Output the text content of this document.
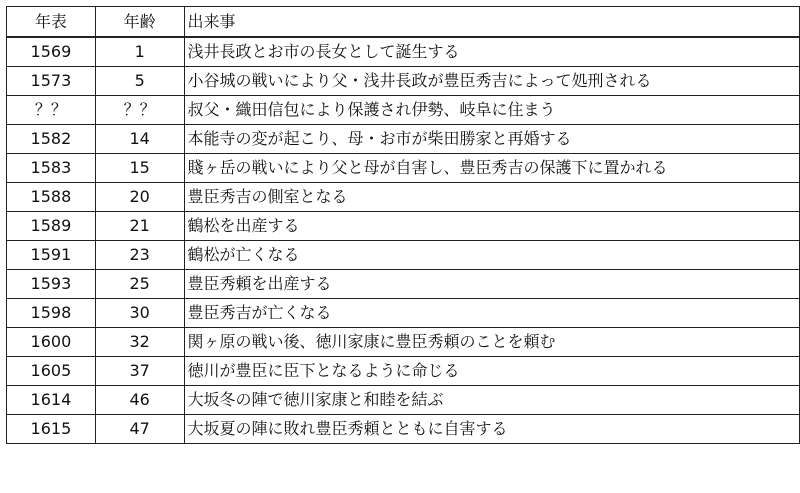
年表	年齢	出来事
1569	1	浅井長政とお市の長女として誕生する
1573	5	小谷城の戦いにより父・浅井長政が豊臣秀吉によって処刑される
？？	？？	叔父・織田信包により保護され伊勢、岐阜に住まう
1582	14	本能寺の変が起こり、母・お市が柴田勝家と再婚する
1583	15	賤ヶ岳の戦いにより父と母が自害し、豊臣秀吉の保護下に置かれる
1588	20	豊臣秀吉の側室となる
1589	21	鶴松を出産する
1591	23	鶴松が亡くなる
1593	25	豊臣秀頼を出産する
1598	30	豊臣秀吉が亡くなる
1600	32	関ヶ原の戦い後、徳川家康に豊臣秀頼のことを頼む
1605	37	徳川が豊臣に臣下となるように命じる
1614	46	大坂冬の陣で徳川家康と和睦を結ぶ
1615	47	大坂夏の陣に敗れ豊臣秀頼とともに自害する
